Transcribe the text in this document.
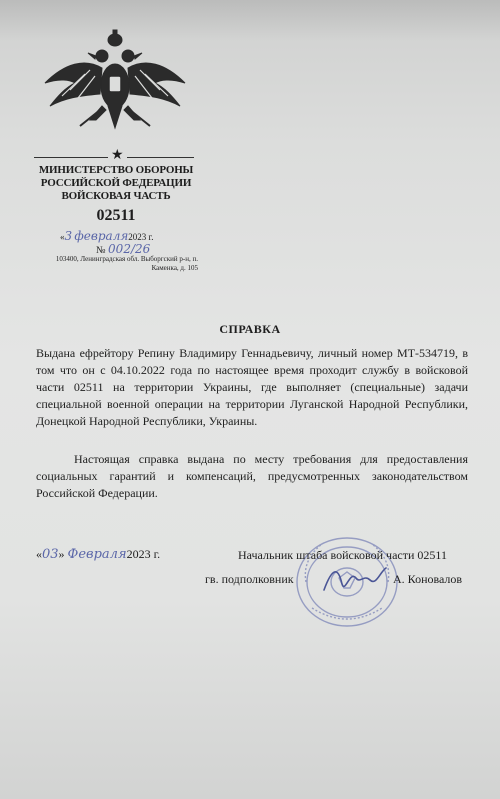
★
МИНИСТЕРСТВО ОБОРОНЫ
РОССИЙСКОЙ ФЕДЕРАЦИИ
ВОЙСКОВАЯ ЧАСТЬ
02511
«3 февраля2023 г.
№ 002/26
103400, Ленинградская обл. Выборгский р-н, п. Каменка, д. 105
СПРАВКА
Выдана ефрейтору Репину Владимиру Геннадьевичу, личный номер МТ-534719, в том что он с 04.10.2022 года по настоящее время проходит службу в войсковой части 02511 на территории Украины, где выполняет (специальные) задачи специальной военной операции на территории Луганской Народной Республики, Донецкой Народной Республики, Украины.
Настоящая справка выдана по месту требования для предоставления социальных гарантий и компенсаций, предусмотренных законодательством Российской Федерации.
«03» Февраля2023 г.	Начальник штаба войсковой части 02511
гв. подполковник	А. Коновалов
